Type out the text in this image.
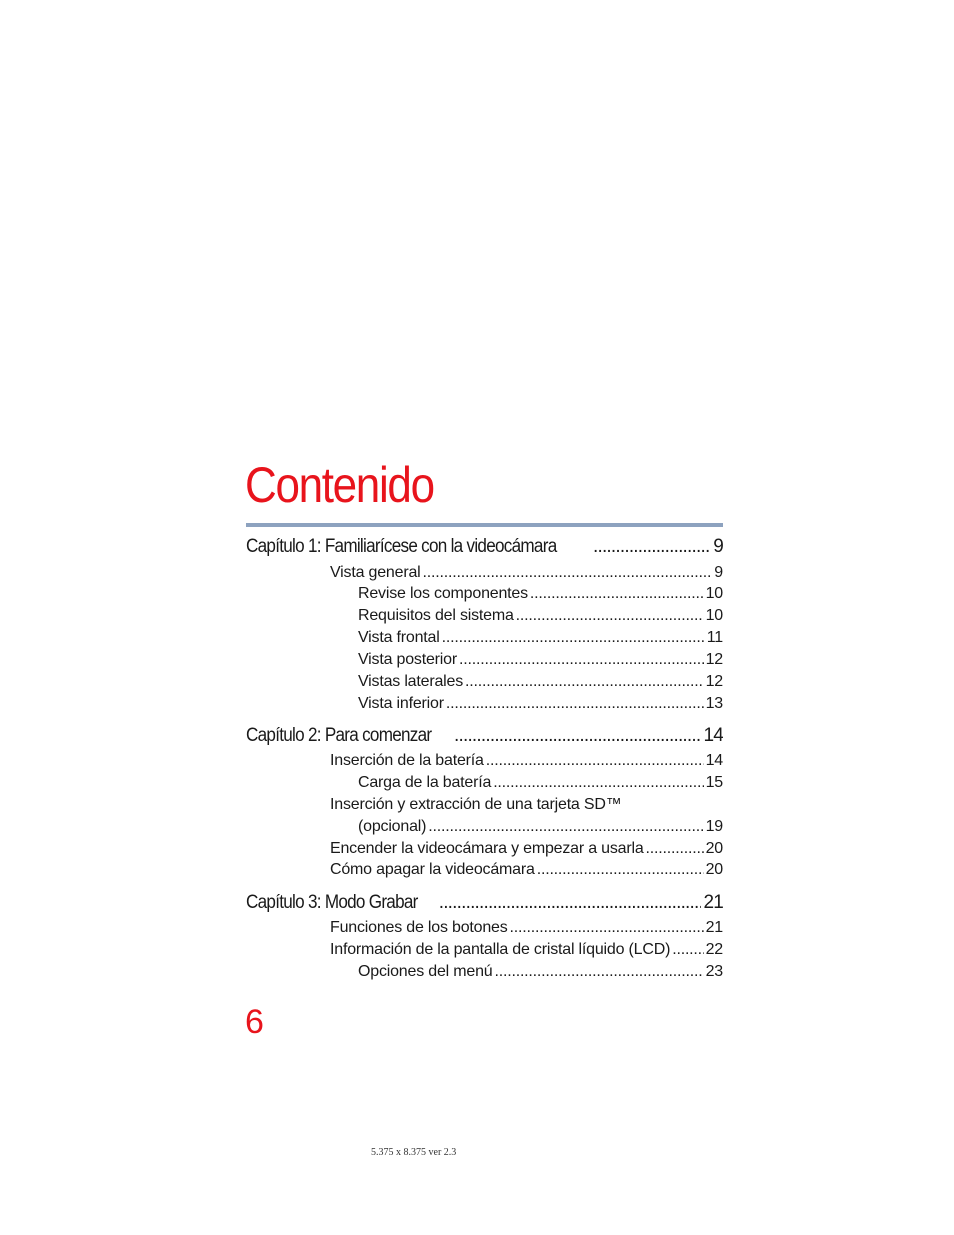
Contenido
Capítulo 1: Familiarícese con la videocámara .....	9
Vista general .....	9
Revise los componentes .....	10
Requisitos del sistema .....	10
Vista frontal .....	11
Vista posterior .....	12
Vistas laterales .....	12
Vista inferior .....	13
Capítulo 2: Para comenzar .....	14
Inserción de la batería .....	14
Carga de la batería .....	15
Inserción y extracción de una tarjeta SD™
(opcional) .....	19
Encender la videocámara y empezar a usarla .....	20
Cómo apagar la videocámara .....	20
Capítulo 3: Modo Grabar .....	21
Funciones de los botones .....	21
Información de la pantalla de cristal líquido (LCD) ..... 22
Opciones del menú .....	23
6
5.375 x 8.375 ver 2.3
